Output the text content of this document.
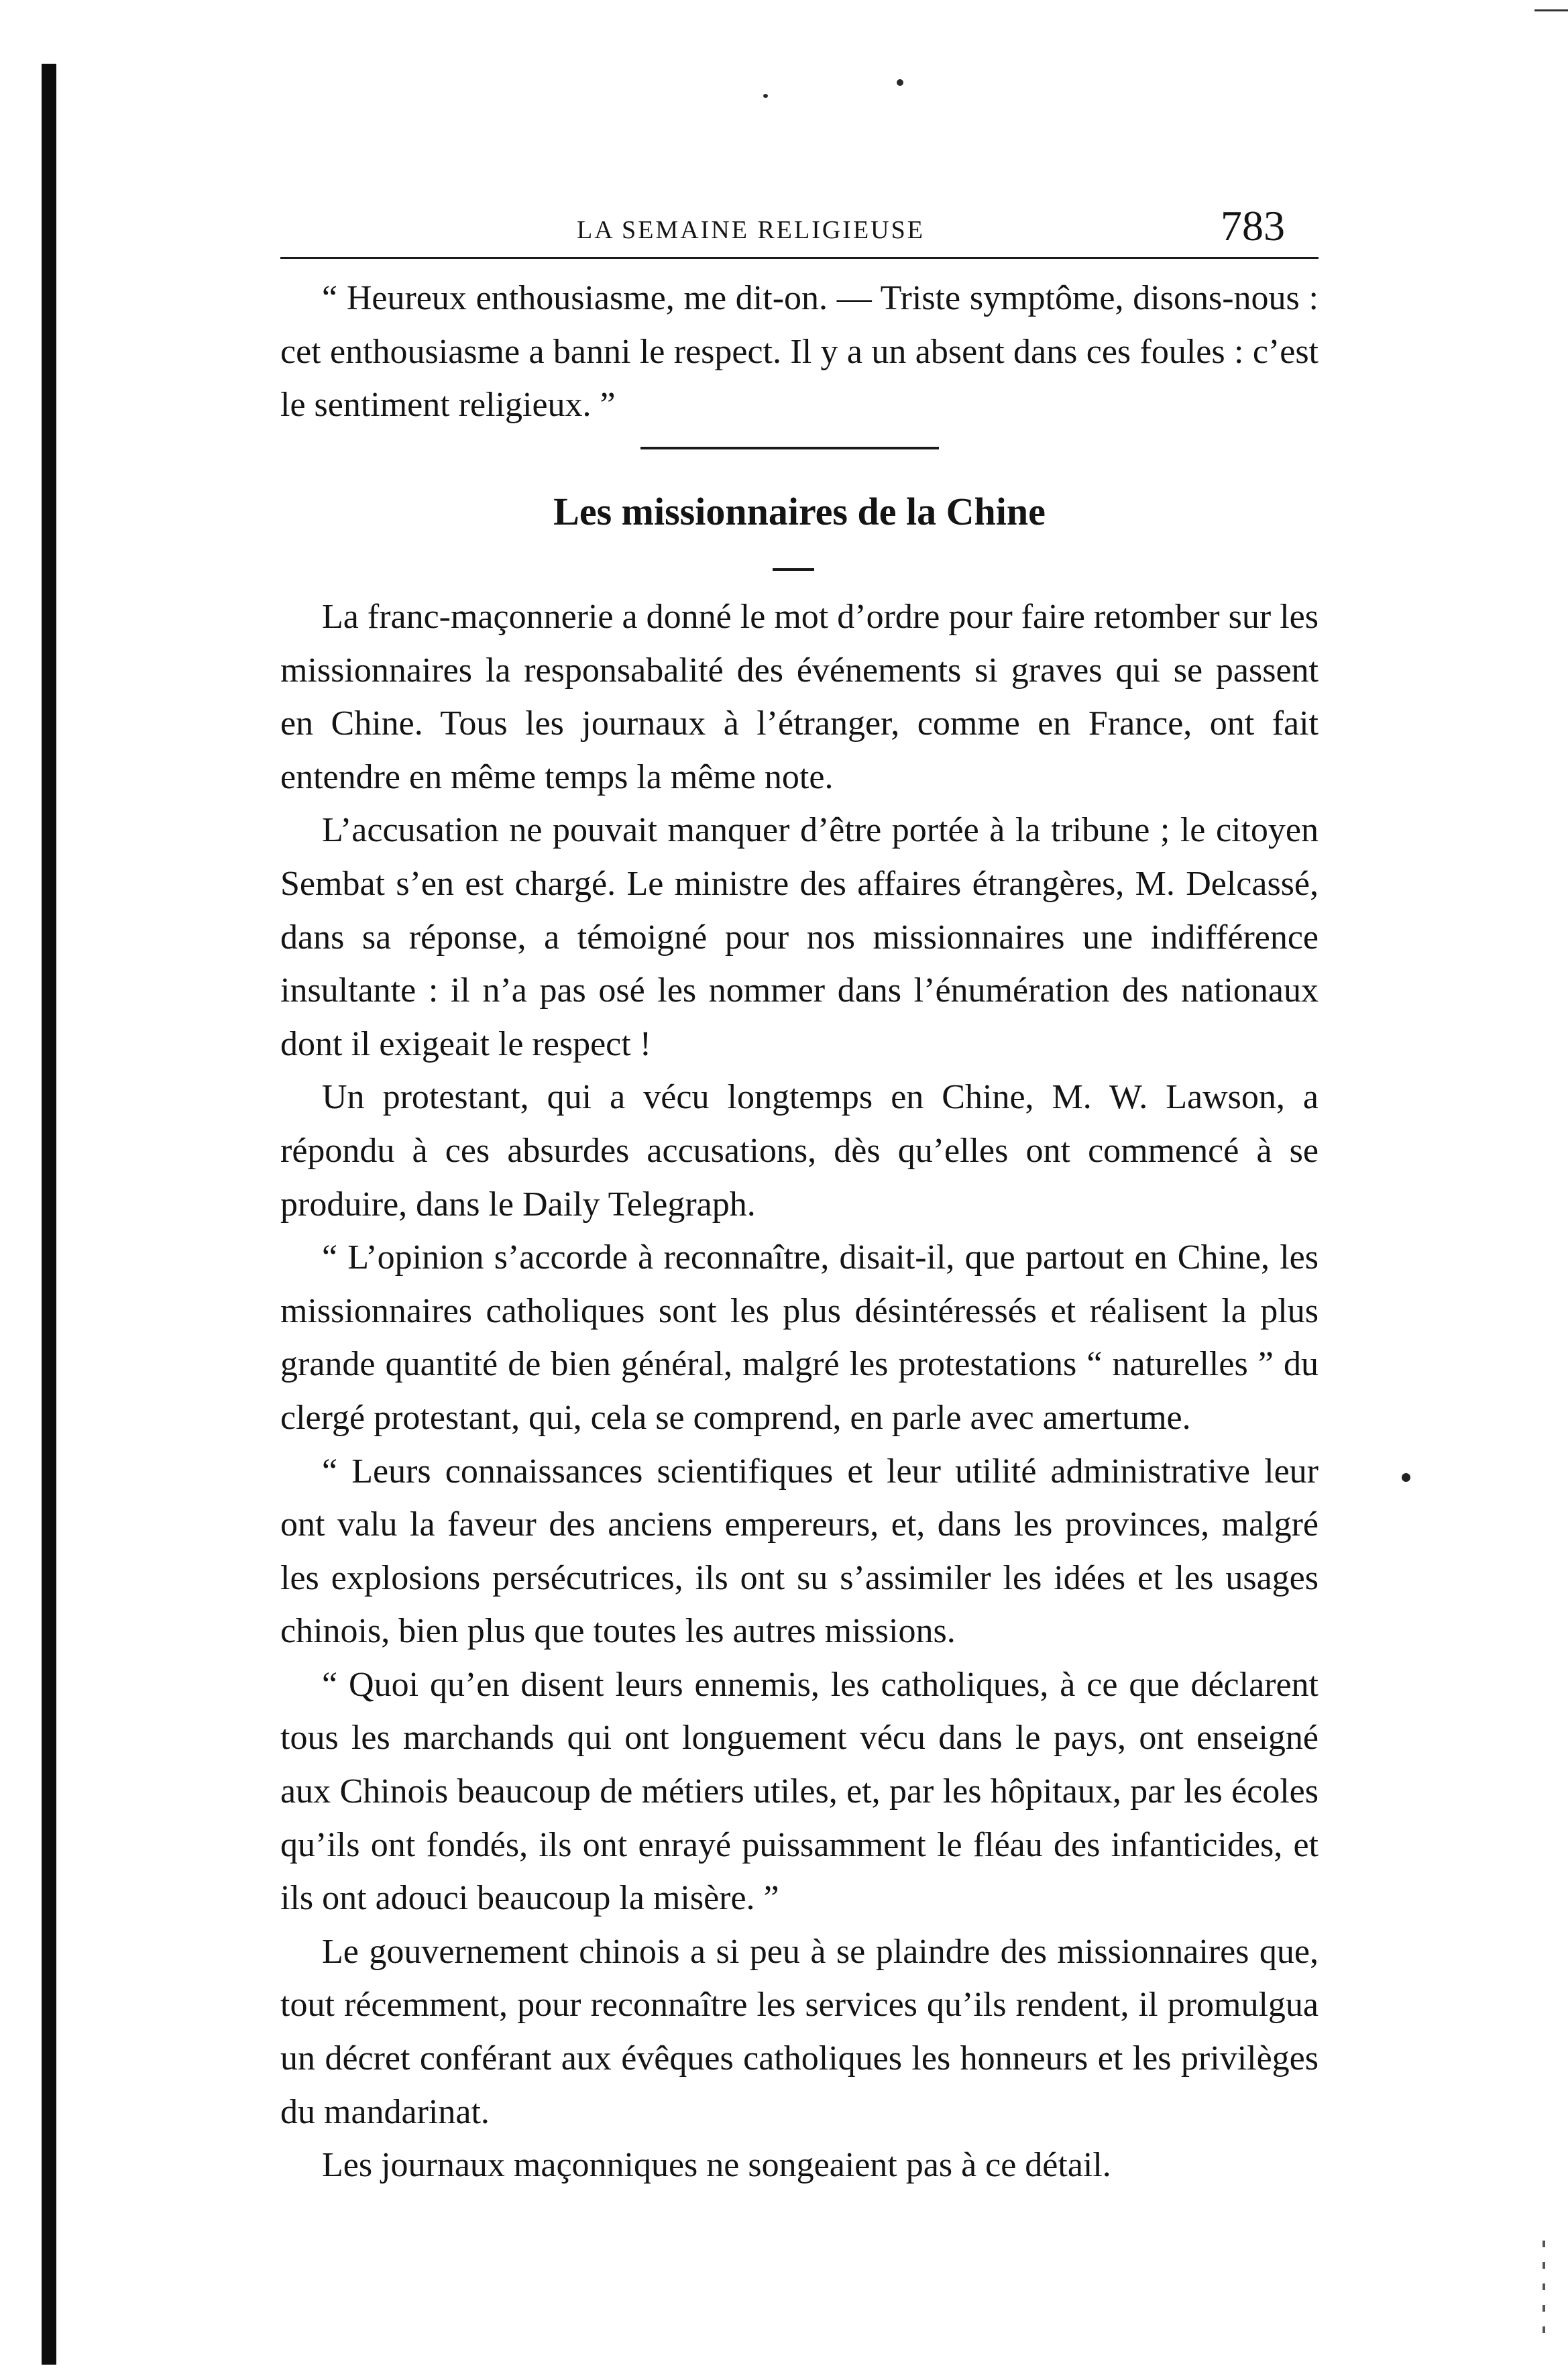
LA SEMAINE RELIGIEUSE	783

“ Heureux enthousiasme, me dit-on. — Triste symptôme, disons-nous : cet enthousiasme a banni le respect. Il y a un absent dans ces foules : c’est le sentiment religieux. ”

Les missionnaires de la Chine

La franc-maçonnerie a donné le mot d’ordre pour faire retomber sur les missionnaires la responsabalité des événements si graves qui se passent en Chine. Tous les journaux à l’étranger, comme en France, ont fait entendre en même temps la même note.

L’accusation ne pouvait manquer d’être portée à la tribune ; le citoyen Sembat s’en est chargé. Le ministre des affaires étrangères, M. Delcassé, dans sa réponse, a témoigné pour nos missionnaires une indifférence insultante : il n’a pas osé les nommer dans l’énumération des nationaux dont il exigeait le respect !

Un protestant, qui a vécu longtemps en Chine, M. W. Lawson, a répondu à ces absurdes accusations, dès qu’elles ont commencé à se produire, dans le Daily Telegraph.

“ L’opinion s’accorde à reconnaître, disait-il, que partout en Chine, les missionnaires catholiques sont les plus désintéressés et réalisent la plus grande quantité de bien général, malgré les protestations “ naturelles ” du clergé protestant, qui, cela se comprend, en parle avec amertume.

“ Leurs connaissances scientifiques et leur utilité administrative leur ont valu la faveur des anciens empereurs, et, dans les provinces, malgré les explosions persécutrices, ils ont su s’assimiler les idées et les usages chinois, bien plus que toutes les autres missions.

“ Quoi qu’en disent leurs ennemis, les catholiques, à ce que déclarent tous les marchands qui ont longuement vécu dans le pays, ont enseigné aux Chinois beaucoup de métiers utiles, et, par les hôpitaux, par les écoles qu’ils ont fondés, ils ont enrayé puissamment le fléau des infanticides, et ils ont adouci beaucoup la misère. ”

Le gouvernement chinois a si peu à se plaindre des missionnaires que, tout récemment, pour reconnaître les services qu’ils rendent, il promulgua un décret conférant aux évêques catholiques les honneurs et les privilèges du mandarinat.

Les journaux maçonniques ne songeaient pas à ce détail.
